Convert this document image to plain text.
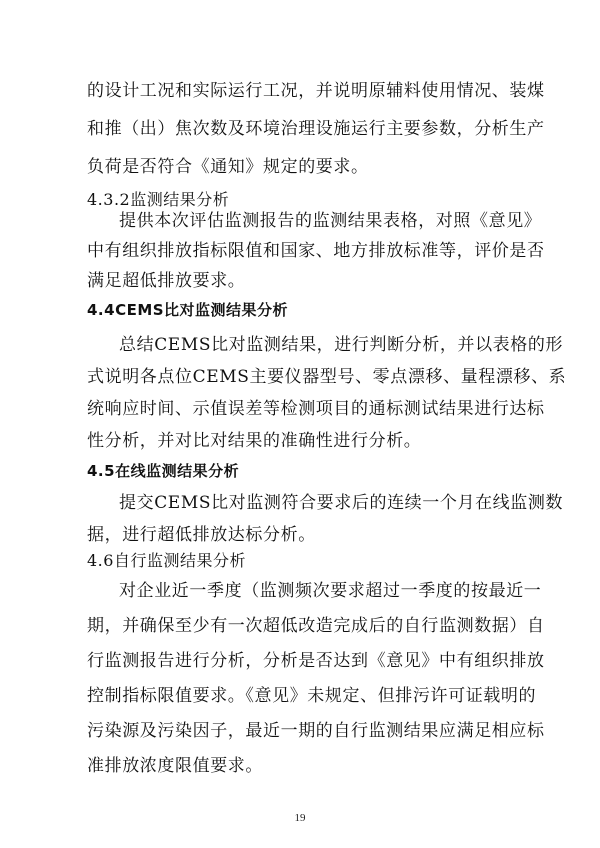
的设计工况和实际运行工况，并说明原辅料使用情况、装煤
和推（出）焦次数及环境治理设施运行主要参数，分析生产
负荷是否符合《通知》规定的要求。
4.3.2监测结果分析
提供本次评估监测报告的监测结果表格，对照《意见》
中有组织排放指标限值和国家、地方排放标准等，评价是否
满足超低排放要求。
4.4CEMS比对监测结果分析
总结CEMS比对监测结果，进行判断分析，并以表格的形
式说明各点位CEMS主要仪器型号、零点漂移、量程漂移、系
统响应时间、示值误差等检测项目的通标测试结果进行达标
性分析，并对比对结果的准确性进行分析。
4.5在线监测结果分析
提交CEMS比对监测符合要求后的连续一个月在线监测数
据，进行超低排放达标分析。
4.6自行监测结果分析
对企业近一季度（监测频次要求超过一季度的按最近一
期，并确保至少有一次超低改造完成后的自行监测数据）自
行监测报告进行分析，分析是否达到《意见》中有组织排放
控制指标限值要求。《意见》未规定、但排污许可证载明的
污染源及污染因子，最近一期的自行监测结果应满足相应标
准排放浓度限值要求。
19
